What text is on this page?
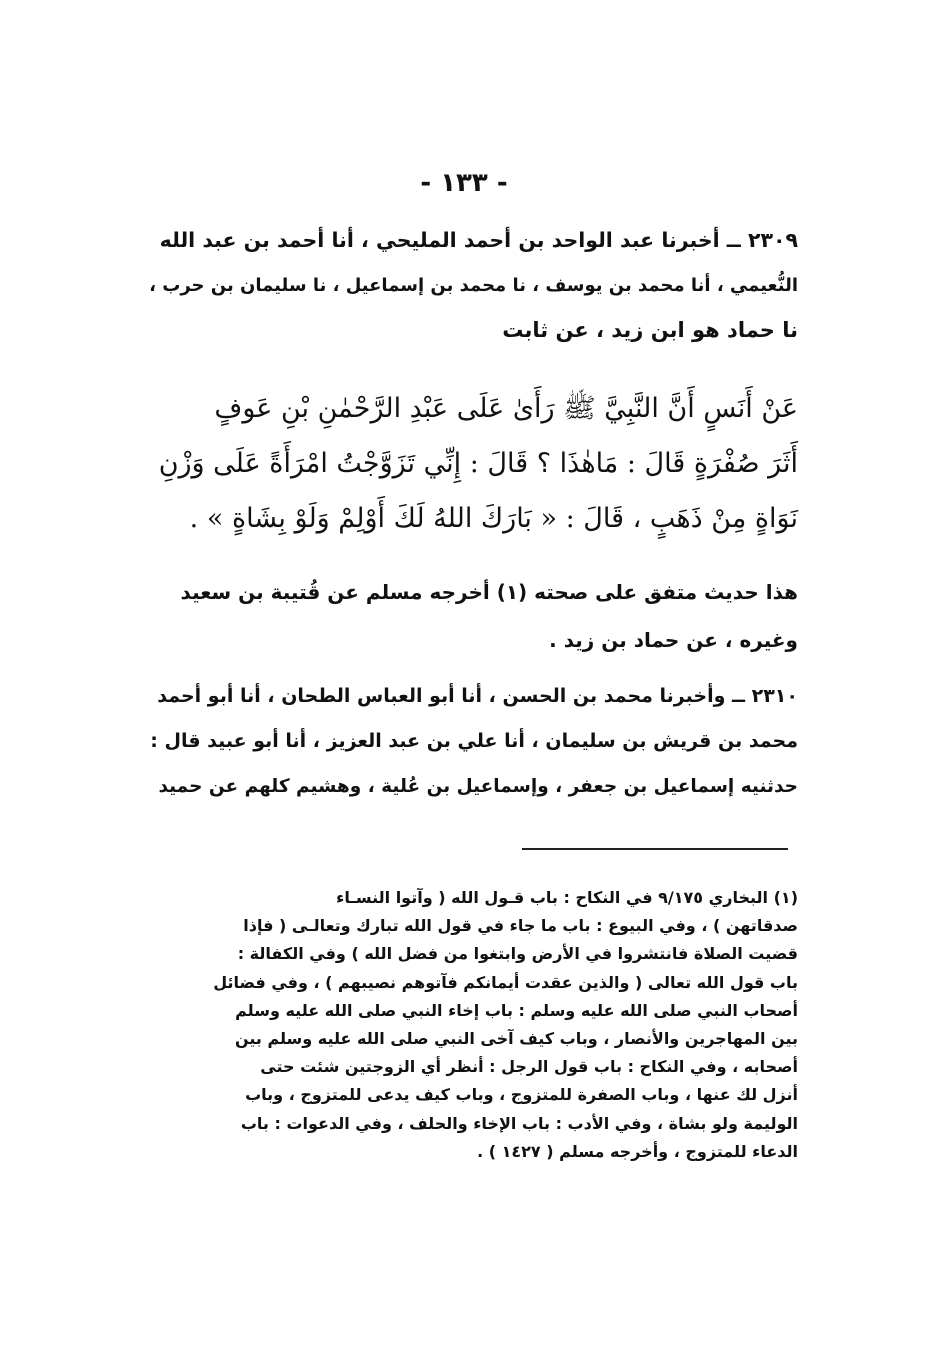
- ١٣٣ -
٢٣٠٩ ــ أخبرنا عبد الواحد بن أحمد المليحي ، أنا أحمد بن عبد الله
النُّعيمي ، أنا محمد بن يوسف ، نا محمد بن إسماعيل ، نا سليمان بن حرب ،
نا حماد هو ابن زيد ، عن ثابت
عَنْ أَنَسٍ أَنَّ النَّبِيَّ ﷺ رَأَىٰ عَلَى عَبْدِ الرَّحْمٰنِ بْنِ عَوفٍ
أَثَرَ صُفْرَةٍ قَالَ : مَاهٰذَا ؟ قَالَ : إِنِّي تَزَوَّجْتُ امْرَأَةً عَلَى وَزْنِ
نَوَاةٍ مِنْ ذَهَبٍ ، قَالَ : « بَارَكَ اللهُ لَكَ أَوْلِمْ وَلَوْ بِشَاةٍ » .
هذا حديث متفق على صحته (١) أخرجه مسلم عن قُتيبة بن سعيد
وغيره ، عن حماد بن زيد .
٢٣١٠ ــ وأخبرنا محمد بن الحسن ، أنا أبو العباس الطحان ، أنا أبو أحمد
محمد بن قريش بن سليمان ، أنا علي بن عبد العزيز ، أنا أبو عبيد قال :
حدثنيه إسماعيل بن جعفر ، وإسماعيل بن عُلية ، وهشيم كلهم عن حميد
(١) البخاري ٩/١٧٥ في النكاح : باب قـول الله ( وآتوا النسـاء
صدقاتهن ) ، وفي البيوع : باب ما جاء في قول الله تبارك وتعالـى ( فإذا
قضيت الصلاة فانتشروا في الأرض وابتغوا من فضل الله ) وفي الكفالة :
باب قول الله تعالى ( والذين عقدت أيمانكم فآتوهم نصيبهم ) ، وفي فضائل
أصحاب النبي صلى الله عليه وسلم : باب إخاء النبي صلى الله عليه وسلم
بين المهاجرين والأنصار ، وباب كيف آخى النبي صلى الله عليه وسلم بين
أصحابه ، وفي النكاح : باب قول الرجل : أنظر أي الزوجتين شئت حتى
أنزل لك عنها ، وباب الصفرة للمتزوج ، وباب كيف يدعى للمتزوج ، وباب
الوليمة ولو بشاة ، وفي الأدب : باب الإخاء والحلف ، وفي الدعوات : باب
الدعاء للمتزوج ، وأخرجه مسلم ( ١٤٢٧ ) .
